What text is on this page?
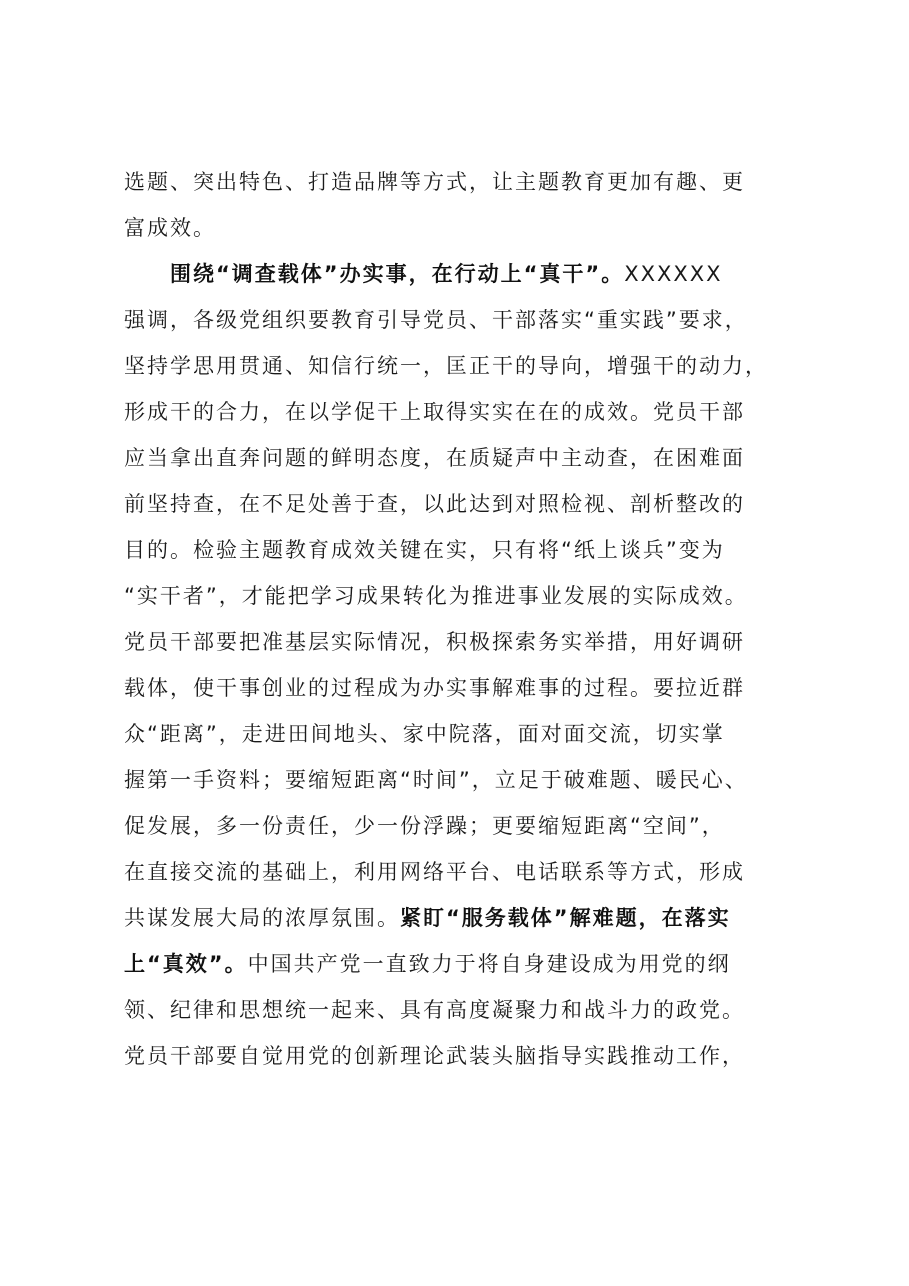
选题、突出特色、打造品牌等方式，让主题教育更加有趣、更
富成效。
围绕“调查载体”办实事，在行动上“真干”。XXXXXX
强调，各级党组织要教育引导党员、干部落实“重实践”要求，
坚持学思用贯通、知信行统一，匡正干的导向，增强干的动力，
形成干的合力，在以学促干上取得实实在在的成效。党员干部
应当拿出直奔问题的鲜明态度，在质疑声中主动查，在困难面
前坚持查，在不足处善于查，以此达到对照检视、剖析整改的
目的。检验主题教育成效关键在实，只有将“纸上谈兵”变为
“实干者”，才能把学习成果转化为推进事业发展的实际成效。
党员干部要把准基层实际情况，积极探索务实举措，用好调研
载体，使干事创业的过程成为办实事解难事的过程。要拉近群
众“距离”，走进田间地头、家中院落，面对面交流，切实掌
握第一手资料；要缩短距离“时间”，立足于破难题、暖民心、
促发展，多一份责任，少一份浮躁；更要缩短距离“空间”，
在直接交流的基础上，利用网络平台、电话联系等方式，形成
共谋发展大局的浓厚氛围。紧盯“服务载体”解难题，在落实
上“真效”。中国共产党一直致力于将自身建设成为用党的纲
领、纪律和思想统一起来、具有高度凝聚力和战斗力的政党。
党员干部要自觉用党的创新理论武装头脑指导实践推动工作，
